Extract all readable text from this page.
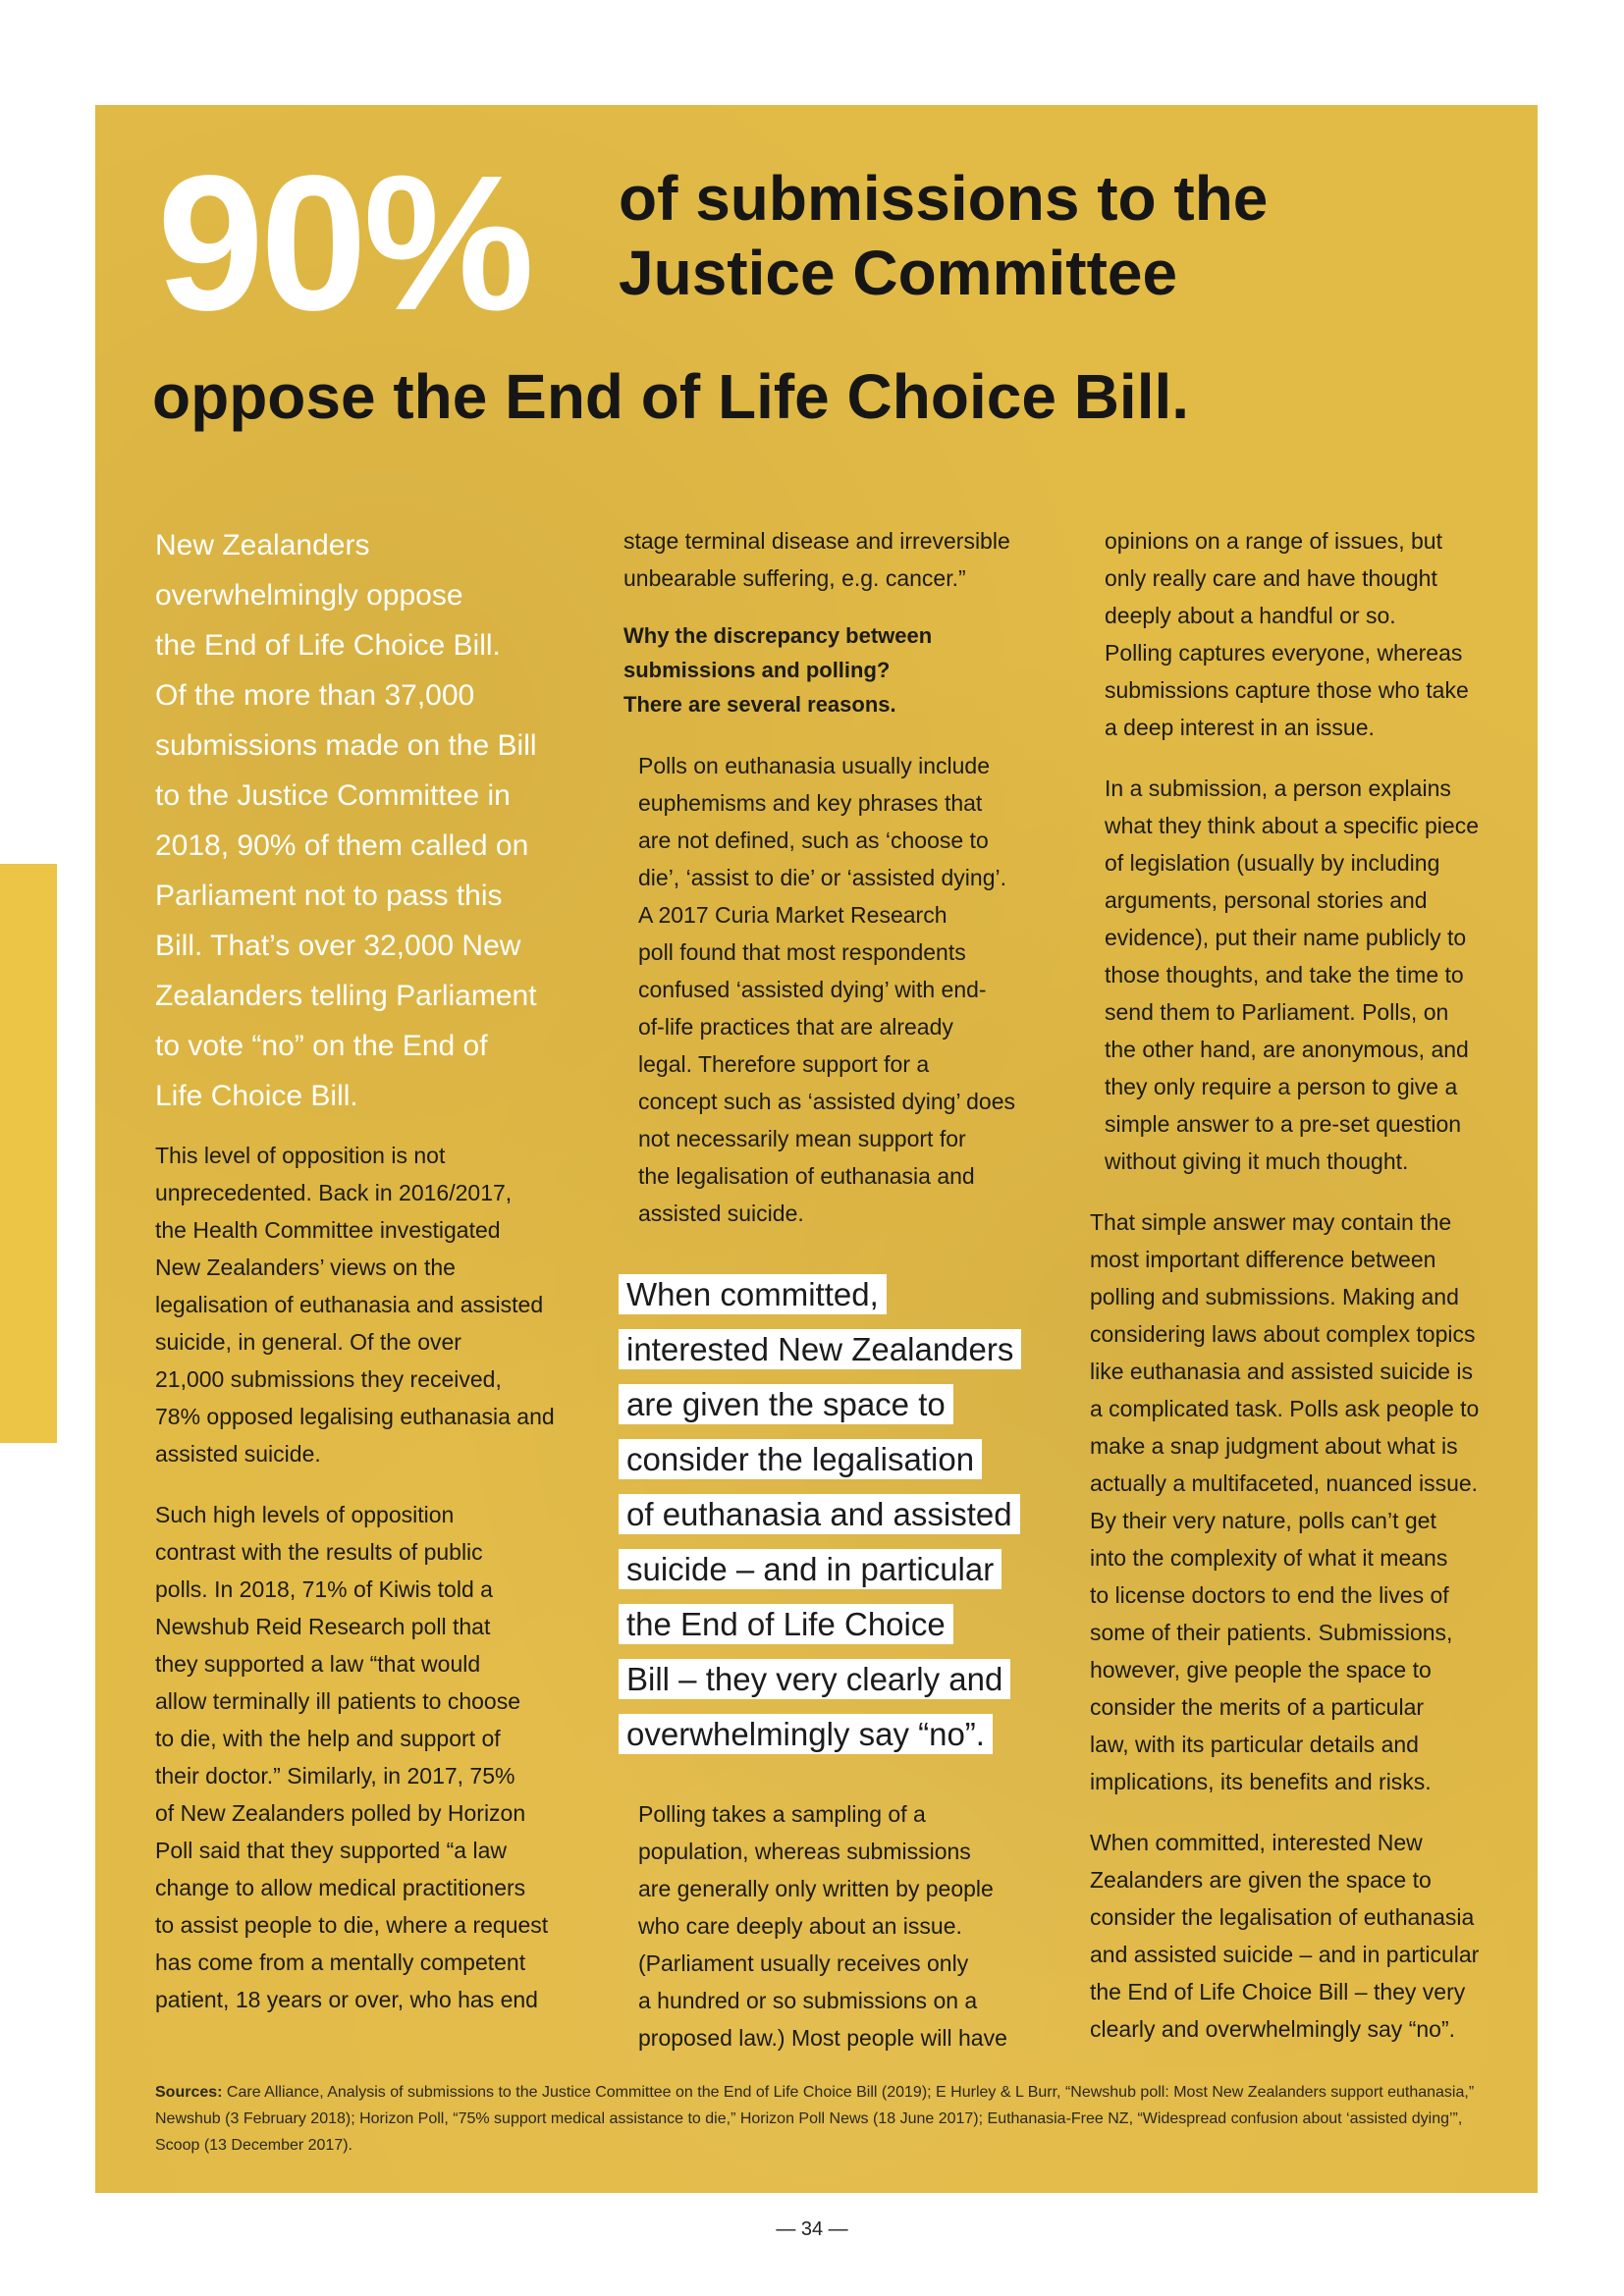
90% of submissions to the
Justice Committee
oppose the End of Life Choice Bill.

New Zealanders
overwhelmingly oppose
the End of Life Choice Bill.
Of the more than 37,000
submissions made on the Bill
to the Justice Committee in
2018, 90% of them called on
Parliament not to pass this
Bill. That’s over 32,000 New
Zealanders telling Parliament
to vote “no” on the End of
Life Choice Bill.

This level of opposition is not
unprecedented. Back in 2016/2017,
the Health Committee investigated
New Zealanders’ views on the
legalisation of euthanasia and assisted
suicide, in general. Of the over
21,000 submissions they received,
78% opposed legalising euthanasia and
assisted suicide.

Such high levels of opposition
contrast with the results of public
polls. In 2018, 71% of Kiwis told a
Newshub Reid Research poll that
they supported a law “that would
allow terminally ill patients to choose
to die, with the help and support of
their doctor.” Similarly, in 2017, 75%
of New Zealanders polled by Horizon
Poll said that they supported “a law
change to allow medical practitioners
to assist people to die, where a request
has come from a mentally competent
patient, 18 years or over, who has end

stage terminal disease and irreversible
unbearable suffering, e.g. cancer.”

Why the discrepancy between
submissions and polling?
There are several reasons.

Polls on euthanasia usually include
euphemisms and key phrases that
are not defined, such as ‘choose to
die’, ‘assist to die’ or ‘assisted dying’.
A 2017 Curia Market Research
poll found that most respondents
confused ‘assisted dying’ with end-
of-life practices that are already
legal. Therefore support for a
concept such as ‘assisted dying’ does
not necessarily mean support for
the legalisation of euthanasia and
assisted suicide.

When committed,
interested New Zealanders
are given the space to
consider the legalisation
of euthanasia and assisted
suicide – and in particular
the End of Life Choice
Bill – they very clearly and
overwhelmingly say “no”.

Polling takes a sampling of a
population, whereas submissions
are generally only written by people
who care deeply about an issue.
(Parliament usually receives only
a hundred or so submissions on a
proposed law.) Most people will have

opinions on a range of issues, but
only really care and have thought
deeply about a handful or so.
Polling captures everyone, whereas
submissions capture those who take
a deep interest in an issue.

In a submission, a person explains
what they think about a specific piece
of legislation (usually by including
arguments, personal stories and
evidence), put their name publicly to
those thoughts, and take the time to
send them to Parliament. Polls, on
the other hand, are anonymous, and
they only require a person to give a
simple answer to a pre-set question
without giving it much thought.

That simple answer may contain the
most important difference between
polling and submissions. Making and
considering laws about complex topics
like euthanasia and assisted suicide is
a complicated task. Polls ask people to
make a snap judgment about what is
actually a multifaceted, nuanced issue.
By their very nature, polls can’t get
into the complexity of what it means
to license doctors to end the lives of
some of their patients. Submissions,
however, give people the space to
consider the merits of a particular
law, with its particular details and
implications, its benefits and risks.

When committed, interested New
Zealanders are given the space to
consider the legalisation of euthanasia
and assisted suicide – and in particular
the End of Life Choice Bill – they very
clearly and overwhelmingly say “no”.

Sources: Care Alliance, Analysis of submissions to the Justice Committee on the End of Life Choice Bill (2019); E Hurley & L Burr, “Newshub poll: Most New Zealanders support euthanasia,” Newshub (3 February 2018); Horizon Poll, “75% support medical assistance to die,” Horizon Poll News (18 June 2017); Euthanasia-Free NZ, “Widespread confusion about ‘assisted dying’”, Scoop (13 December 2017).
— 34 —
